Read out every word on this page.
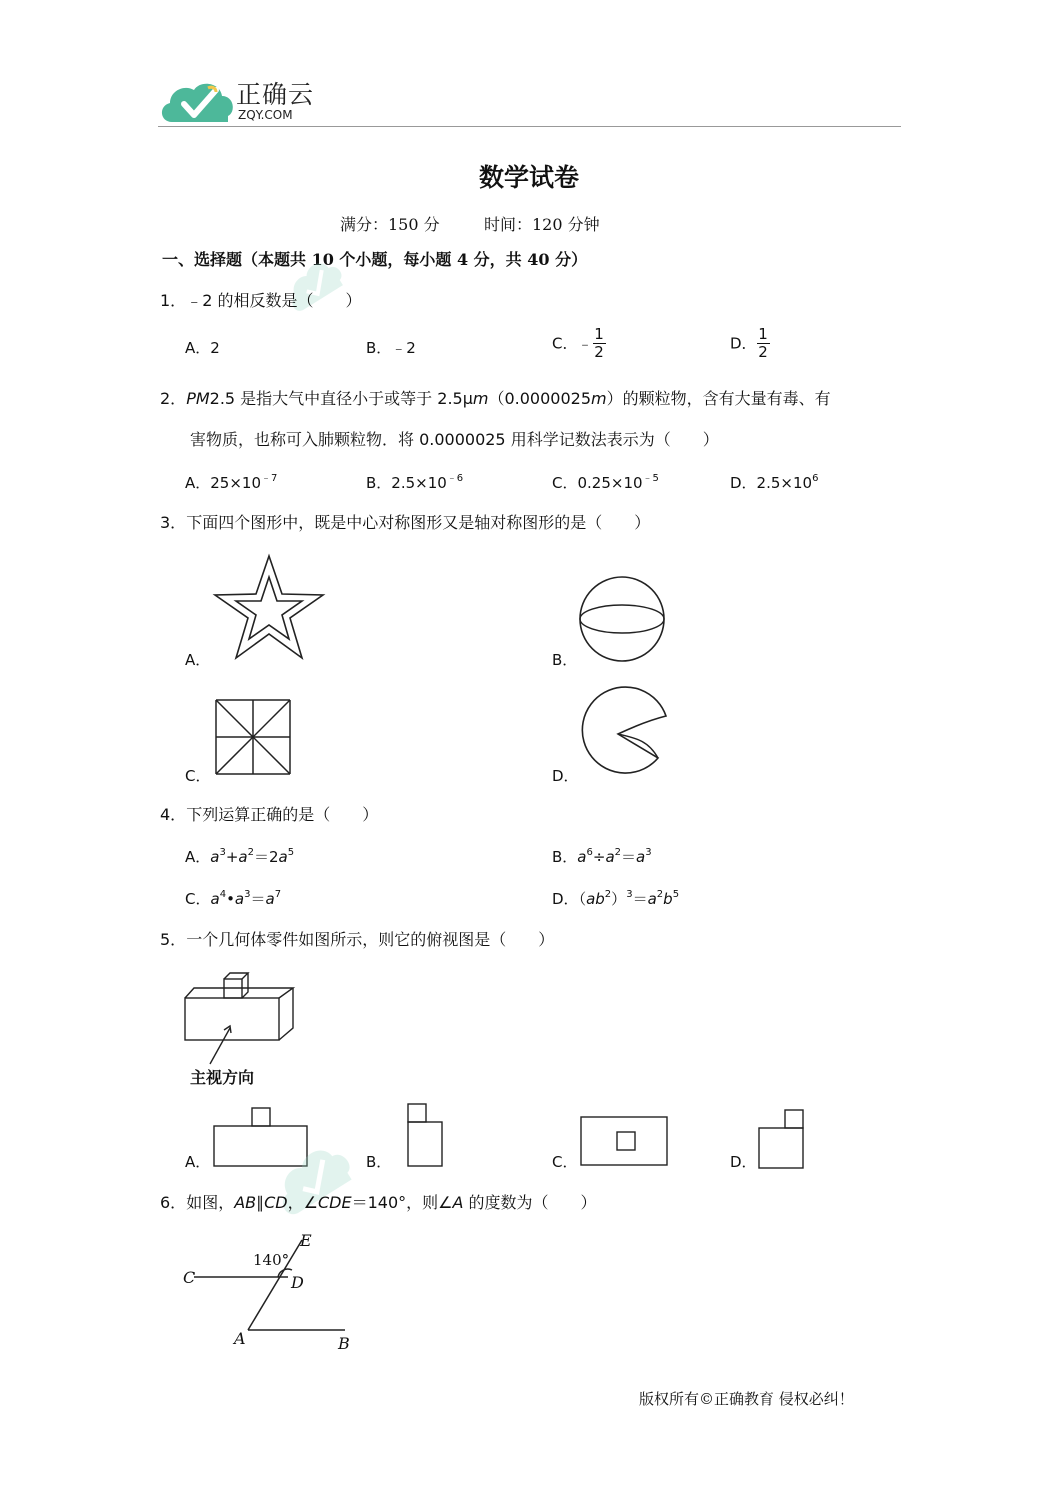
正确云
ZQY.COM
数学试卷
满分：150 分	时间：120 分钟
一、选择题（本题共 10 个小题，每小题 4 分，共 40 分）
1．﹣2 的相反数是（　　）
A．2	B．﹣2	C．﹣ $\frac{1}{2}$	D． $\frac{1}{2}$
2．PM2.5 是指大气中直径小于或等于 2.5μm（0.0000025m）的颗粒物，含有大量有毒、有
害物质，也称可入肺颗粒物．将 0.0000025 用科学记数法表示为（　　）
A．$25\times 10^{﹣7}$	B．$2.5\times 10^{﹣6}$	C．$0.25\times 10^{﹣5}$	D．$2.5\times 10^6$
3．下面四个图形中，既是中心对称图形又是轴对称图形的是（　　）
A．	B．
C．	D．
4．下列运算正确的是（　　）
A．$a^3+a^2=2a^5$	B．$a^6\div a^2=a^3$
C．$a^4•a^3=a^7$	D．$(ab^2)^3=a^2b^5$
5．一个几何体零件如图所示，则它的俯视图是（　　）
主视方向
A．	B．	C．	D．
6．如图，AB∥CD，∠CDE＝140°，则∠A 的度数为（　　）
140°
C	D
E
A	B
版权所有©正确教育 侵权必纠！
